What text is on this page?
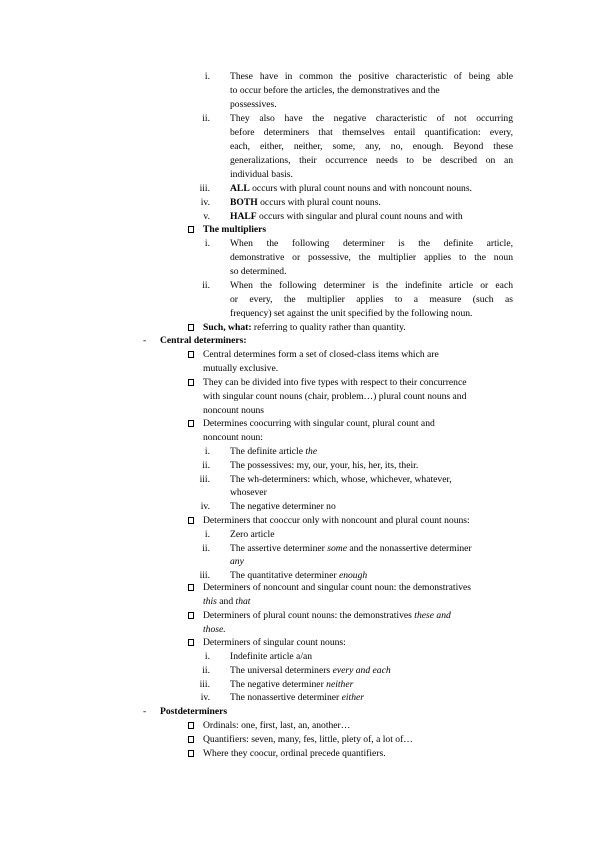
i. These have in common the positive characteristic of being able
to occur before the articles, the demonstratives and the
possessives.
ii. They also have the negative characteristic of not occurring
before determiners that themselves entail quantification: every,
each, either, neither, some, any, no, enough. Beyond these
generalizations, their occurrence needs to be described on an
individual basis.
iii. ALL occurs with plural count nouns and with noncount nouns.
iv. BOTH occurs with plural count nouns.
v. HALF occurs with singular and plural count nouns and with
The multipliers
i. When the following determiner is the definite article,
demonstrative or possessive, the multiplier applies to the noun
so determined.
ii. When the following determiner is the indefinite article or each
or every, the multiplier applies to a measure (such as
frequency) set against the unit specified by the following noun.
Such, what: referring to quality rather than quantity.
- Central determiners:
Central determines form a set of closed-class items which are
mutually exclusive.
They can be divided into five types with respect to their concurrence
with singular count nouns (chair, problem…) plural count nouns and
noncount nouns
Determines coocurring with singular count, plural count and
noncount noun:
i. The definite article the
ii. The possessives: my, our, your, his, her, its, their.
iii. The wh-determiners: which, whose, whichever, whatever,
whosever
iv. The negative determiner no
Determiners that cooccur only with noncount and plural count nouns:
i. Zero article
ii. The assertive determiner some and the nonassertive determiner
any
iii. The quantitative determiner enough
Determiners of noncount and singular count noun: the demonstratives
this and that
Determiners of plural count nouns: the demonstratives these and
those.
Determiners of singular count nouns:
i. Indefinite article a/an
ii. The universal determiners every and each
iii. The negative determiner neither
iv. The nonassertive determiner either
- Postdeterminers
Ordinals: one, first, last, an, another…
Quantifiers: seven, many, fes, little, plety of, a lot of…
Where they coocur, ordinal precede quantifiers.
